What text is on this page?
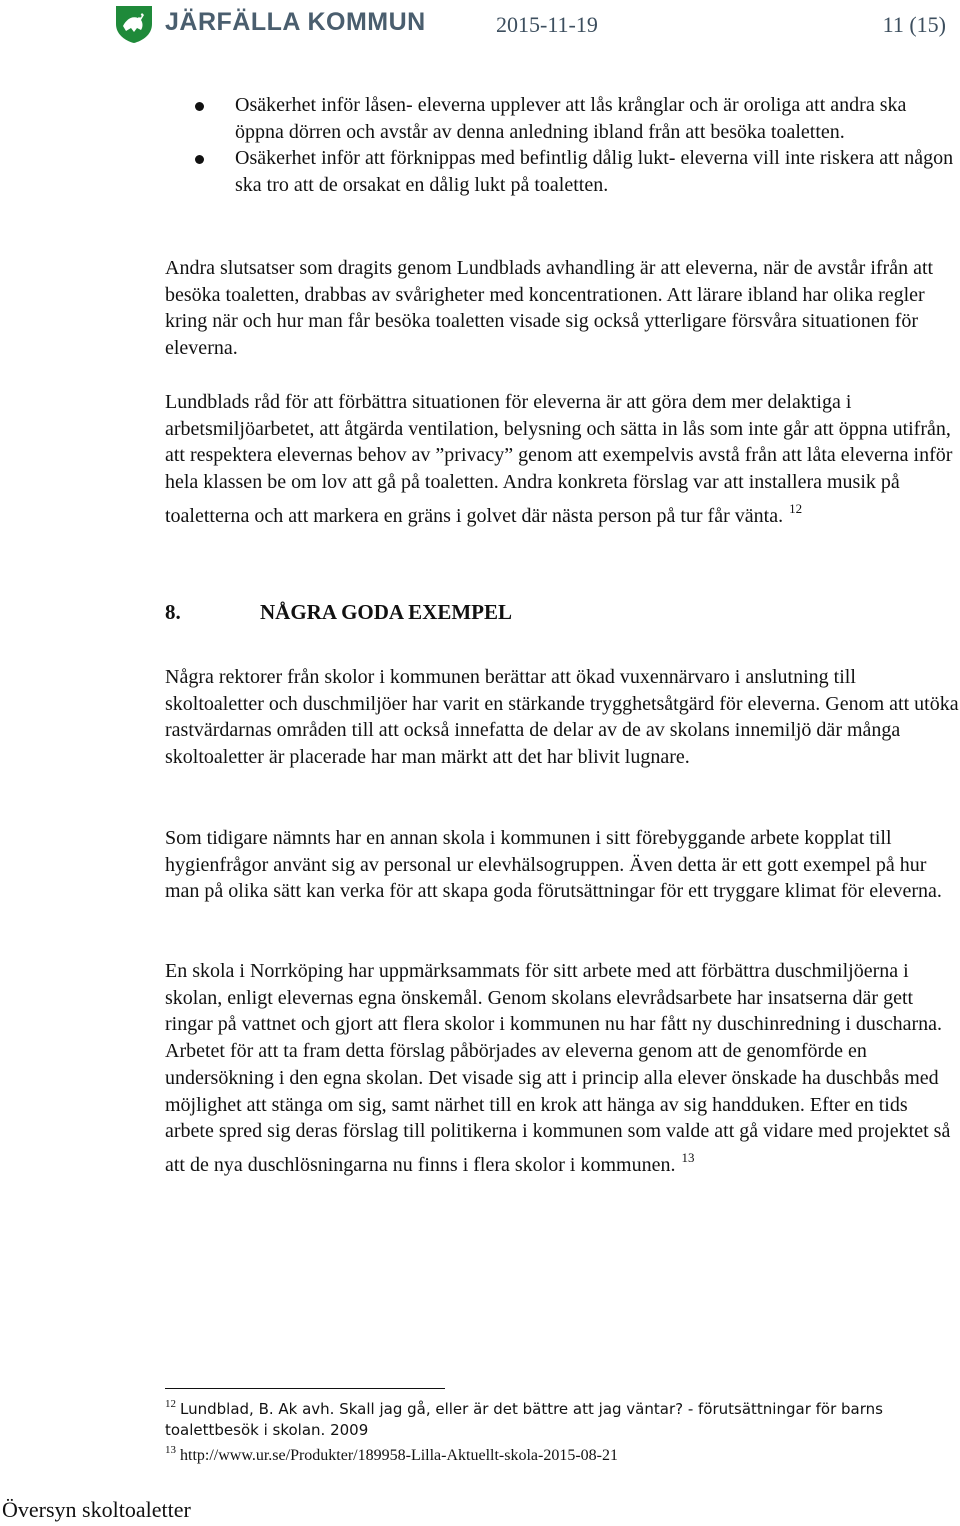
JÄRFÄLLA KOMMUN	2015-11-19	11 (15)
Osäkerhet inför låsen- eleverna upplever att lås krånglar och är oroliga att andra ska öppna dörren och avstår av denna anledning ibland från att besöka toaletten.
Osäkerhet inför att förknippas med befintlig dålig lukt- eleverna vill inte riskera att någon ska tro att de orsakat en dålig lukt på toaletten.

Andra slutsatser som dragits genom Lundblads avhandling är att eleverna, när de avstår ifrån att besöka toaletten, drabbas av svårigheter med koncentrationen. Att lärare ibland har olika regler kring när och hur man får besöka toaletten visade sig också ytterligare försvåra situationen för eleverna.

Lundblads råd för att förbättra situationen för eleverna är att göra dem mer delaktiga i arbetsmiljöarbetet, att åtgärda ventilation, belysning och sätta in lås som inte går att öppna utifrån, att respektera elevernas behov av ”privacy” genom att exempelvis avstå från att låta eleverna inför hela klassen be om lov att gå på toaletten. Andra konkreta förslag var att installera musik på toaletterna och att markera en gräns i golvet där nästa person på tur får vänta. $^{12}$

8.	NÅGRA GODA EXEMPEL

Några rektorer från skolor i kommunen berättar att ökad vuxennärvaro i anslutning till skoltoaletter och duschmiljöer har varit en stärkande trygghetsåtgärd för eleverna. Genom att utöka rastvärdarnas områden till att också innefatta de delar av de av skolans innemiljö där många skoltoaletter är placerade har man märkt att det har blivit lugnare.

Som tidigare nämnts har en annan skola i kommunen i sitt förebyggande arbete kopplat till hygienfrågor använt sig av personal ur elevhälsogruppen. Även detta är ett gott exempel på hur man på olika sätt kan verka för att skapa goda förutsättningar för ett tryggare klimat för eleverna.

En skola i Norrköping har uppmärksammats för sitt arbete med att förbättra duschmiljöerna i skolan, enligt elevernas egna önskemål. Genom skolans elevrådsarbete har insatserna där gett ringar på vattnet och gjort att flera skolor i kommunen nu har fått ny duschinredning i duscharna. Arbetet för att ta fram detta förslag påbörjades av eleverna genom att de genomförde en undersökning i den egna skolan. Det visade sig att i princip alla elever önskade ha duschbås med möjlighet att stänga om sig, samt närhet till en krok att hänga av sig handduken. Efter en tids arbete spred sig deras förslag till politikerna i kommunen som valde att gå vidare med projektet så att de nya duschlösningarna nu finns i flera skolor i kommunen. $^{13}$

$^{12}$ Lundblad, B. Ak avh. Skall jag gå, eller är det bättre att jag väntar? - förutsättningar för barns toalettbesök i skolan. 2009
$^{13}$ http://www.ur.se/Produkter/189958-Lilla-Aktuellt-skola-2015-08-21
Översyn skoltoaletter
